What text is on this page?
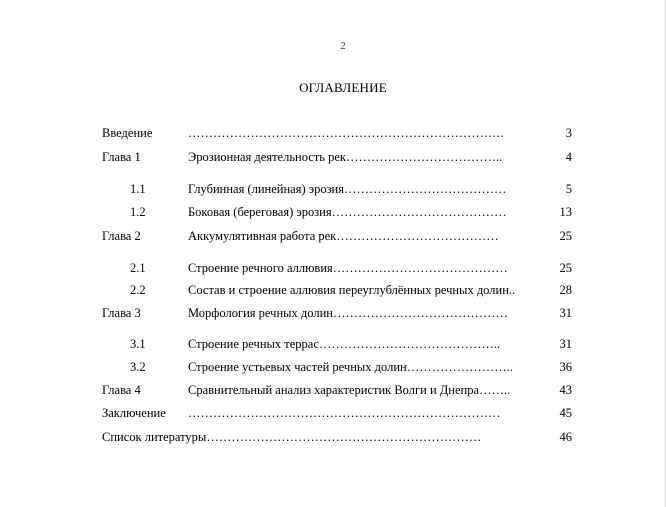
2
ОГЛАВЛЕНИЕ
Введение	………………………………………………………………….	3
Глава 1	Эрозионная деятельность рек………………………………..	4
1.1	Глубинная (линейная) эрозия…………………………………	5
1.2	Боковая (береговая) эрозия……………………………………	13
Глава 2	Аккумулятивная работа рек…………………………………	25
2.1	Строение речного аллювия……………………………………	25
2.2	Состав и строение аллювия переуглублённых речных долин..	28
Глава 3	Морфология речных долин……………………………………	31
3.1	Строение речных террас……………………………………..	31
3.2	Строение устьевых частей речных долин……………………..	36
Глава 4	Сравнительный анализ характеристик Волги и Днепра……..	43
Заключение …………………………………………………………………	45
Список литературы…………………………………………………………	46
